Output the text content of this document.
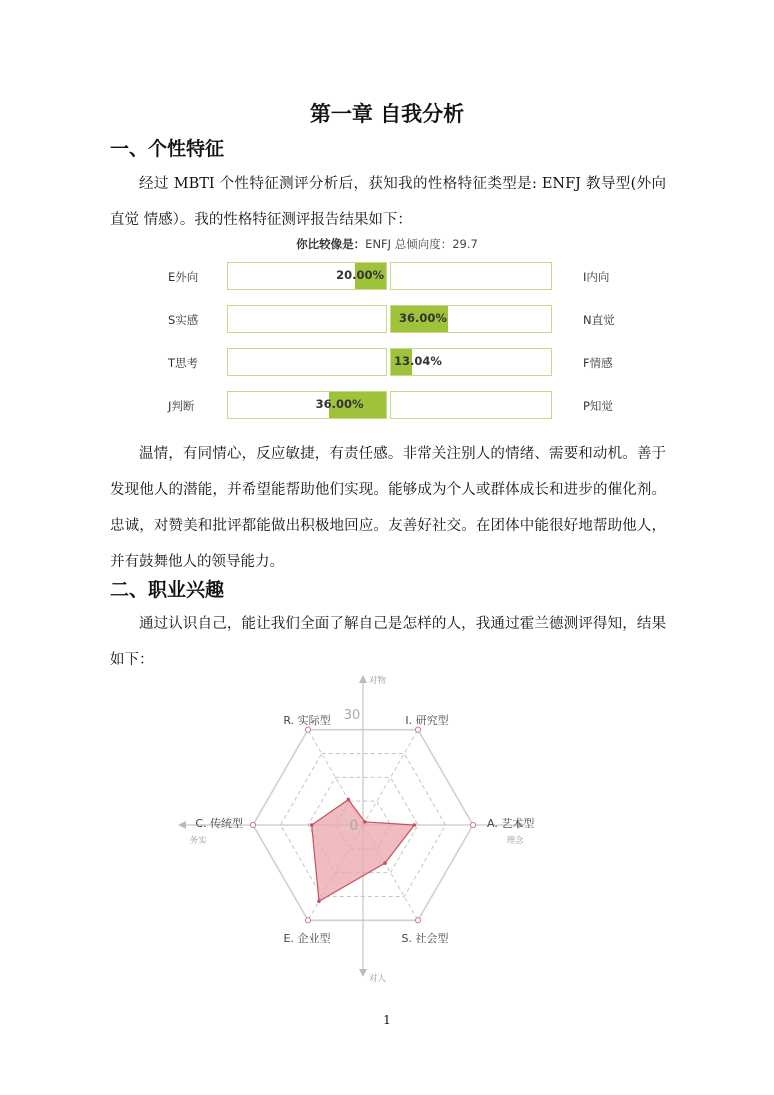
第一章 自我分析
一、个性特征
经过 MBTI 个性特征测评分析后，获知我的性格特征类型是: ENFJ 教导型(外向直觉 情感）。我的性格特征测评报告结果如下：
你比较像是：ENFJ 总倾向度：29.7
E外向	20.00%	I内向
S实感	36.00%	N直觉
T思考	13.04%	F情感
J判断	36.00%	P知觉
温情，有同情心，反应敏捷，有责任感。非常关注别人的情绪、需要和动机。善于发现他人的潜能，并希望能帮助他们实现。能够成为个人或群体成长和进步的催化剂。忠诚，对赞美和批评都能做出积极地回应。友善好社交。在团体中能很好地帮助他人，并有鼓舞他人的领导能力。
二、职业兴趣
通过认识自己，能让我们全面了解自己是怎样的人，我通过霍兰德测评得知，结果如下：
0
30
R. 实际型	I. 研究型
A. 艺术型
S. 社会型
E. 企业型
C. 传统型
对物
对人
务实	理念
1
